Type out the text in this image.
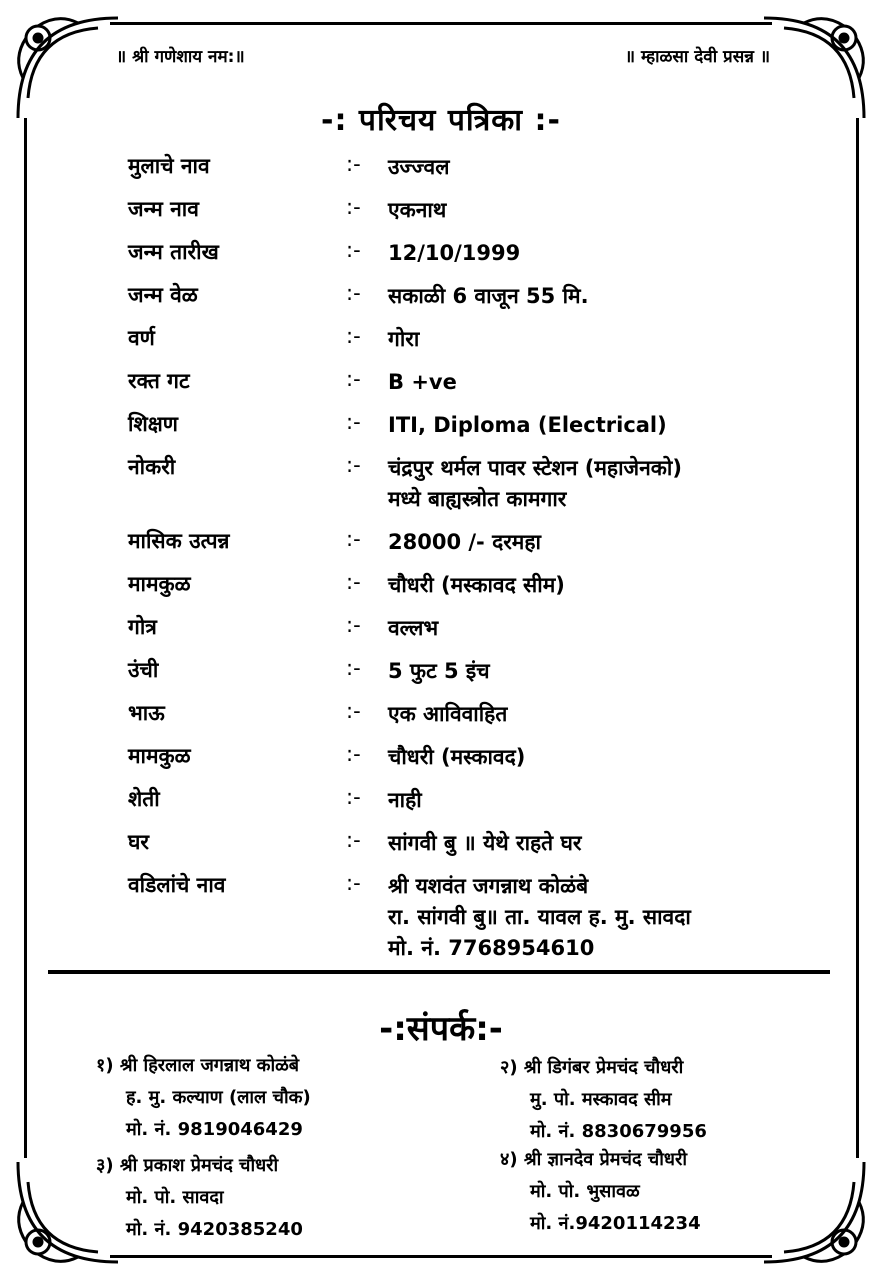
॥ श्री गणेशाय नम:॥	॥ म्हाळसा देवी प्रसन्न ॥
-: परिचय पत्रिका :-
मुलाचे नाव	:-	उज्ज्वल
जन्म नाव	:-	एकनाथ
जन्म तारीख	:-	12/10/1999
जन्म वेळ	:-	सकाळी 6 वाजून 55 मि.
वर्ण	:-	गोरा
रक्त गट	:-	B +ve
शिक्षण	:-	ITI, Diploma (Electrical)
नोकरी	:-	चंद्रपुर थर्मल पावर स्टेशन (महाजेनको)
मध्ये बाह्यस्त्रोत कामगार
मासिक उत्पन्न	:-	28000 /- दरमहा
मामकुळ	:-	चौधरी (मस्कावद सीम)
गोत्र	:-	वल्लभ
उंची	:-	5 फुट 5 इंच
भाऊ	:-	एक आविवाहित
मामकुळ	:-	चौधरी (मस्कावद)
शेती	:-	नाही
घर	:-	सांगवी बु ॥ येथे राहते घर
वडिलांचे नाव	:-	श्री यशवंत जगन्नाथ कोळंबे
रा. सांगवी बु॥ ता. यावल ह. मु. सावदा
मो. नं. 7768954610
-:संपर्क:-
१) श्री हिरलाल जगन्नाथ कोळंबे
ह. मु. कल्याण (लाल चौक)
मो. नं. 9819046429
२) श्री डिगंबर प्रेमचंद चौधरी
मु. पो. मस्कावद सीम
मो. नं. 8830679956
३) श्री प्रकाश प्रेमचंद चौधरी
मो. पो. सावदा
मो. नं. 9420385240
४) श्री ज्ञानदेव प्रेमचंद चौधरी
मो. पो. भुसावळ
मो. नं.9420114234
